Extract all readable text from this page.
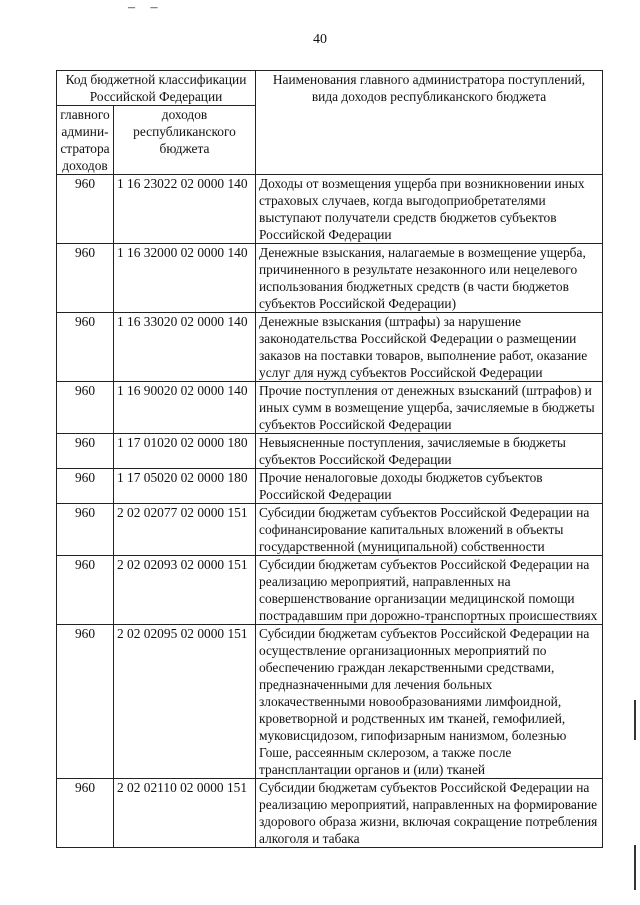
– –
40
Код бюджетной классификации Российской Федерации		Наименования главного администратора поступлений, вида доходов республиканского бюджета
главного админи-стратора доходов	доходов республиканского бюджета	
960	1 16 23022 02 0000 140	Доходы от возмещения ущерба при возникновении иных страховых случаев, когда выгодоприобретателями выступают получатели средств бюджетов субъектов Российской Федерации
960	1 16 32000 02 0000 140	Денежные взыскания, налагаемые в возмещение ущерба, причиненного в результате незаконного или нецелевого использования бюджетных средств (в части бюджетов субъектов Российской Федерации)
960	1 16 33020 02 0000 140	Денежные взыскания (штрафы) за нарушение законодательства Российской Федерации о размещении заказов на поставки товаров, выполнение работ, оказание услуг для нужд субъектов Российской Федерации
960	1 16 90020 02 0000 140	Прочие поступления от денежных взысканий (штрафов) и иных сумм в возмещение ущерба, зачисляемые в бюджеты субъектов Российской Федерации
960	1 17 01020 02 0000 180	Невыясненные поступления, зачисляемые в бюджеты субъектов Российской Федерации
960	1 17 05020 02 0000 180	Прочие неналоговые доходы бюджетов субъектов Российской Федерации
960	2 02 02077 02 0000 151	Субсидии бюджетам субъектов Российской Федерации на софинансирование капитальных вложений в объекты государственной (муниципальной) собственности
960	2 02 02093 02 0000 151	Субсидии бюджетам субъектов Российской Федерации на реализацию мероприятий, направленных на совершенствование организации медицинской помощи пострадавшим при дорожно-транспортных происшествиях
960	2 02 02095 02 0000 151	Субсидии бюджетам субъектов Российской Федерации на осуществление организационных мероприятий по обеспечению граждан лекарственными средствами, предназначенными для лечения больных злокачественными новообразованиями лимфоидной, кроветворной и родственных им тканей, гемофилией, муковисцидозом, гипофизарным нанизмом, болезнью Гоше, рассеянным склерозом, а также после трансплантации органов и (или) тканей
960	2 02 02110 02 0000 151	Субсидии бюджетам субъектов Российской Федерации на реализацию мероприятий, направленных на формирование здорового образа жизни, включая сокращение потребления алкоголя и табака
